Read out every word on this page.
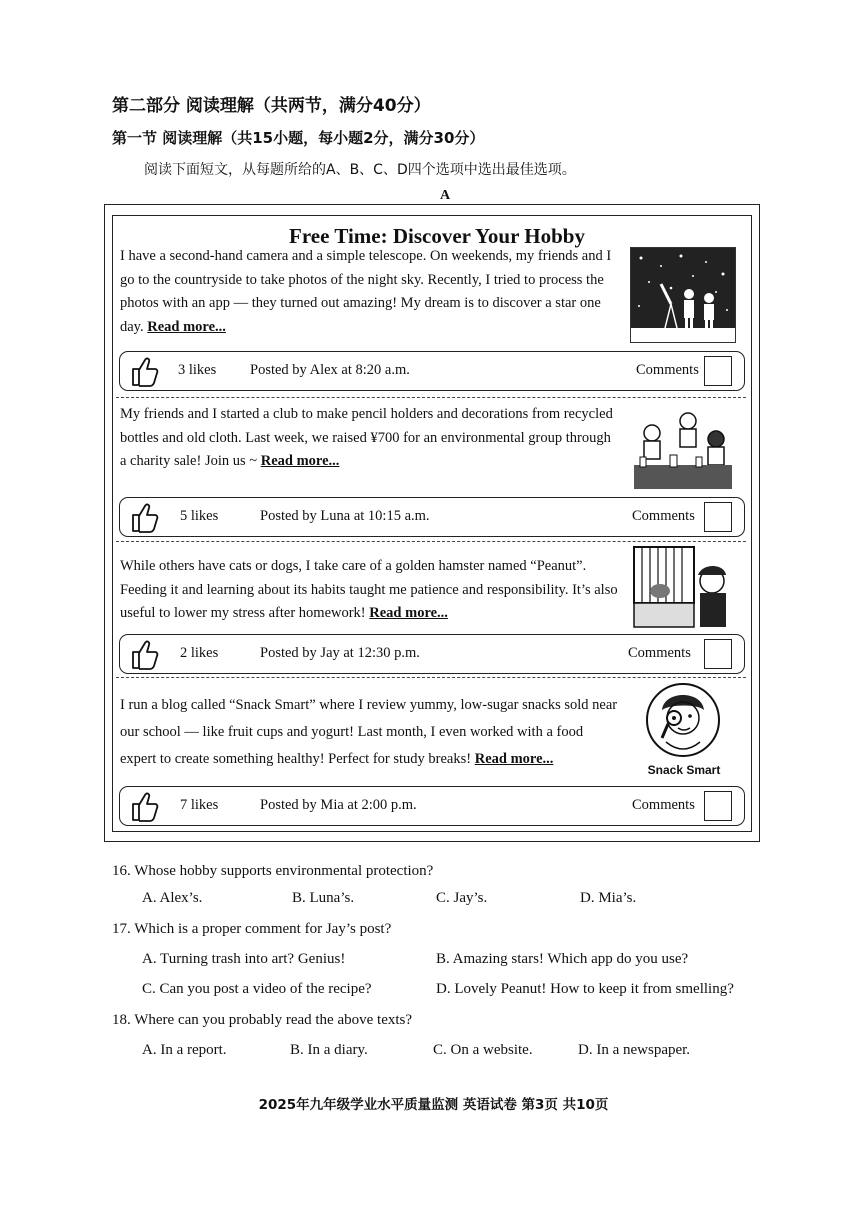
第二部分 阅读理解（共两节，满分40分）
第一节 阅读理解（共15小题，每小题2分，满分30分）
阅读下面短文，从每题所给的A、B、C、D四个选项中选出最佳选项。
A
Free Time: Discover Your Hobby
I have a second-hand camera and a simple telescope. On weekends, my friends and I go to the countryside to take photos of the night sky. Recently, I tried to process the photos with an app — they turned out amazing! My dream is to discover a star one day. Read more...
3 likes Posted by Alex at 8:20 a.m.	Comments
My friends and I started a club to make pencil holders and decorations from recycled bottles and old cloth. Last week, we raised ¥700 for an environmental group through a charity sale! Join us ~ Read more...
5 likes	Posted by Luna at 10:15 a.m.	Comments
While others have cats or dogs, I take care of a golden hamster named “Peanut”. Feeding it and learning about its habits taught me patience and responsibility. It’s also useful to lower my stress after homework! Read more...
2 likes	Posted by Jay at 12:30 p.m.	Comments
I run a blog called “Snack Smart” where I review yummy, low-sugar snacks sold near our school — like fruit cups and yogurt! Last month, I even worked with a food expert to create something healthy! Perfect for study breaks! Read more...
Snack Smart
7 likes	Posted by Mia at 2:00 p.m.	Comments
16. Whose hobby supports environmental protection?
A. Alex’s.	B. Luna’s.	C. Jay’s.	D. Mia’s.
17. Which is a proper comment for Jay’s post?
A. Turning trash into art? Genius!	B. Amazing stars! Which app do you use?
C. Can you post a video of the recipe?	D. Lovely Peanut! How to keep it from smelling?
18. Where can you probably read the above texts?
A. In a report.	B. In a diary.	C. On a website.	D. In a newspaper.
2025年九年级学业水平质量监测 英语试卷 第3页 共10页
